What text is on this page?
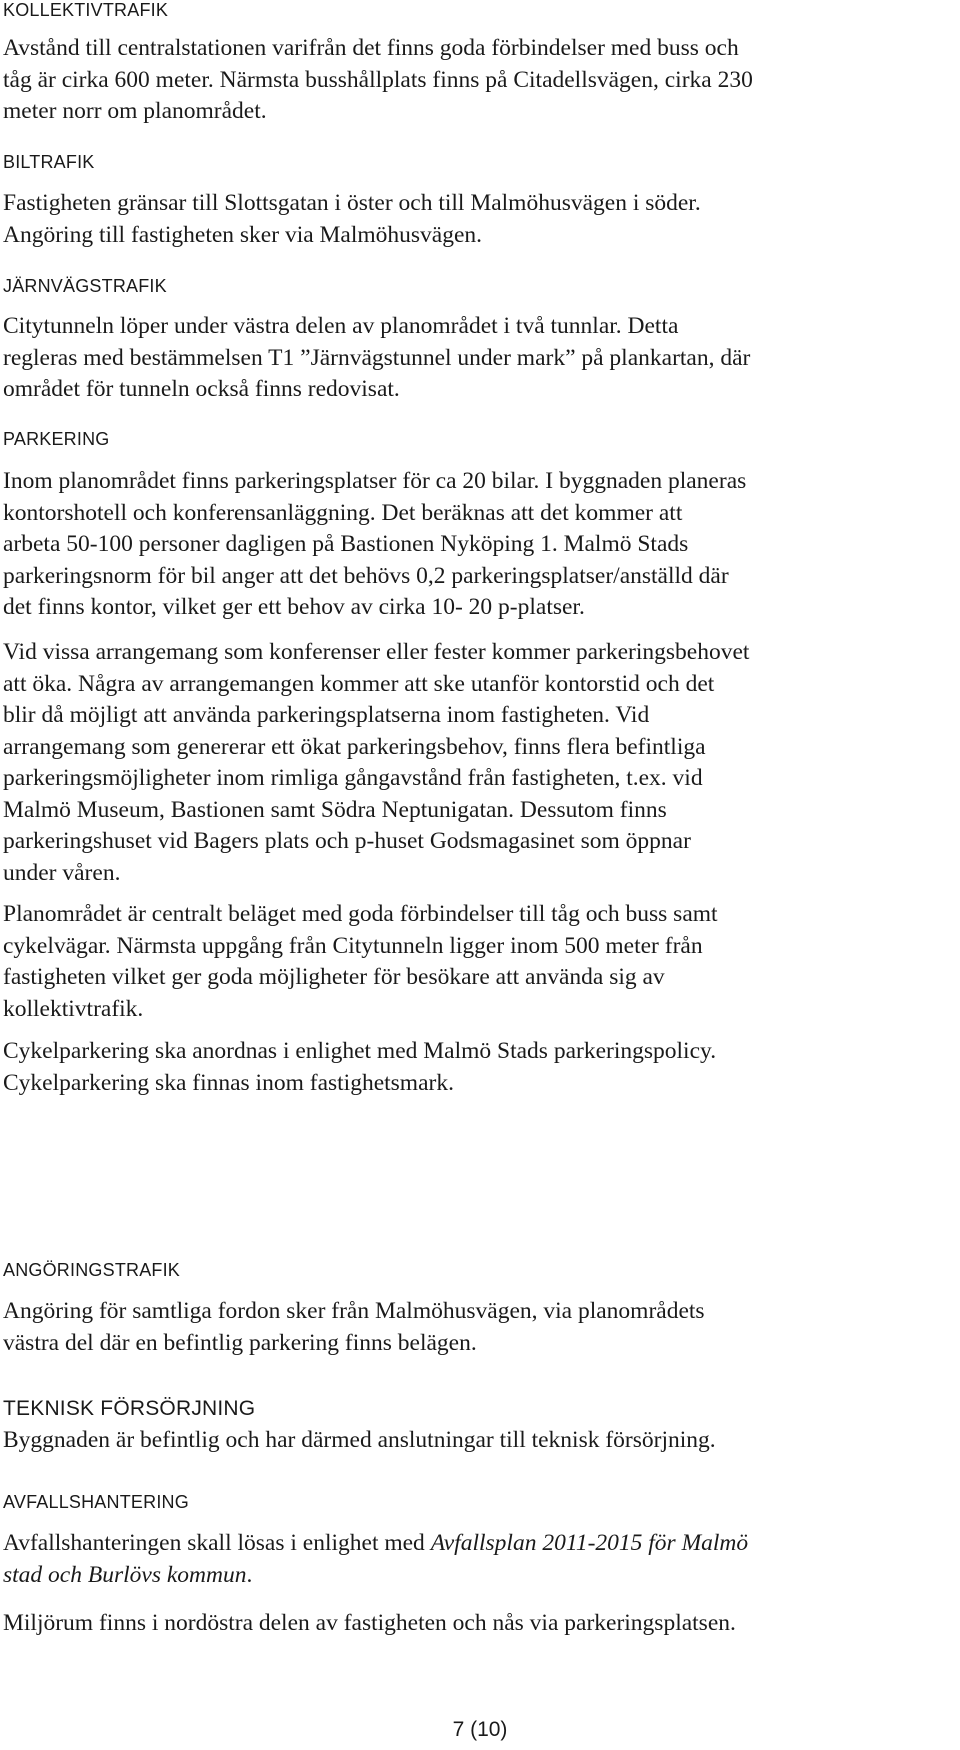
KOLLEKTIVTRAFIK
Avstånd till centralstationen varifrån det finns goda förbindelser med buss och
tåg är cirka 600 meter. Närmsta busshållplats finns på Citadellsvägen, cirka 230
meter norr om planområdet.
BILTRAFIK
Fastigheten gränsar till Slottsgatan i öster och till Malmöhusvägen i söder.
Angöring till fastigheten sker via Malmöhusvägen.
JÄRNVÄGSTRAFIK
Citytunneln löper under västra delen av planområdet i två tunnlar. Detta
regleras med bestämmelsen T1 ”Järnvägstunnel under mark” på plankartan, där
området för tunneln också finns redovisat.
PARKERING
Inom planområdet finns parkeringsplatser för ca 20 bilar. I byggnaden planeras
kontorshotell och konferensanläggning. Det beräknas att det kommer att
arbeta 50-100 personer dagligen på Bastionen Nyköping 1. Malmö Stads
parkeringsnorm för bil anger att det behövs 0,2 parkeringsplatser/anställd där
det finns kontor, vilket ger ett behov av cirka 10- 20 p-platser.
Vid vissa arrangemang som konferenser eller fester kommer parkeringsbehovet
att öka. Några av arrangemangen kommer att ske utanför kontorstid och det
blir då möjligt att använda parkeringsplatserna inom fastigheten. Vid
arrangemang som genererar ett ökat parkeringsbehov, finns flera befintliga
parkeringsmöjligheter inom rimliga gångavstånd från fastigheten, t.ex. vid
Malmö Museum, Bastionen samt Södra Neptunigatan. Dessutom finns
parkeringshuset vid Bagers plats och p-huset Godsmagasinet som öppnar
under våren.
Planområdet är centralt beläget med goda förbindelser till tåg och buss samt
cykelvägar. Närmsta uppgång från Citytunneln ligger inom 500 meter från
fastigheten vilket ger goda möjligheter för besökare att använda sig av
kollektivtrafik.
Cykelparkering ska anordnas i enlighet med Malmö Stads parkeringspolicy.
Cykelparkering ska finnas inom fastighetsmark.
ANGÖRINGSTRAFIK
Angöring för samtliga fordon sker från Malmöhusvägen, via planområdets
västra del där en befintlig parkering finns belägen.
TEKNISK FÖRSÖRJNING
Byggnaden är befintlig och har därmed anslutningar till teknisk försörjning.
AVFALLSHANTERING
Avfallshanteringen skall lösas i enlighet med Avfallsplan 2011-2015 för Malmö
stad och Burlövs kommun.
Miljörum finns i nordöstra delen av fastigheten och nås via parkeringsplatsen.
7 (10)
